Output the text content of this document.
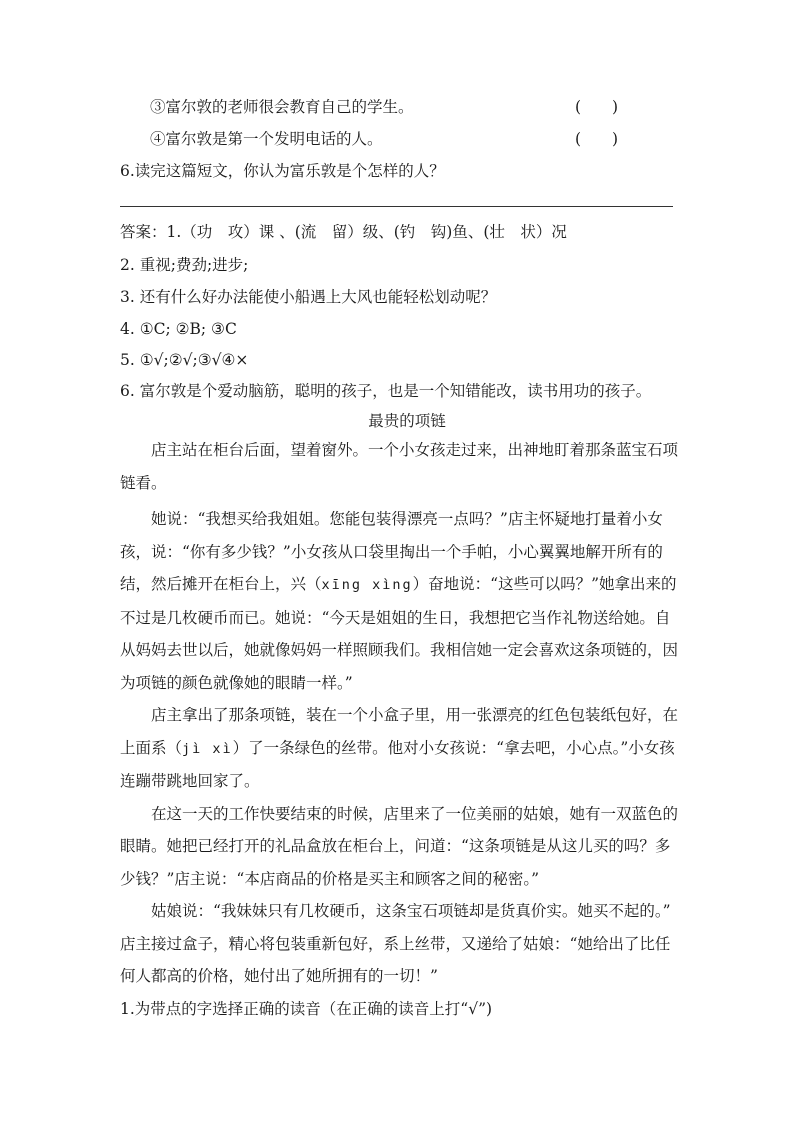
③富尔敦的老师很会教育自己的学生。	(　　)
④富尔敦是第一个发明电话的人。	(　　)
6.读完这篇短文，你认为富乐敦是个怎样的人？
答案：1.（功　攻）课 、(流　留）级、(钓　钩)鱼、(壮　状）况
2. 重视;费劲;进步;
3. 还有什么好办法能使小船遇上大风也能轻松划动呢？
4. ①C; ②B; ③C
5. ①√;②√;③√④×
6. 富尔敦是个爱动脑筋，聪明的孩子，也是一个知错能改，读书用功的孩子。
最贵的项链

店主站在柜台后面，望着窗外。一个小女孩走过来，出神地盯着那条蓝宝石项链看。

她说：“我想买给我姐姐。您能包装得漂亮一点吗？”店主怀疑地打量着小女孩，说：“你有多少钱？”小女孩从口袋里掏出一个手帕，小心翼翼地解开所有的结，然后摊开在柜台上，兴（xīng xìng）奋地说：“这些可以吗？”她拿出来的不过是几枚硬币而已。她说：“今天是姐姐的生日，我想把它当作礼物送给她。自从妈妈去世以后，她就像妈妈一样照顾我们。我相信她一定会喜欢这条项链的，因为项链的颜色就像她的眼睛一样。”

店主拿出了那条项链，装在一个小盒子里，用一张漂亮的红色包装纸包好，在上面系（jì xì）了一条绿色的丝带。他对小女孩说：“拿去吧，小心点。”小女孩连蹦带跳地回家了。

在这一天的工作快要结束的时候，店里来了一位美丽的姑娘，她有一双蓝色的眼睛。她把已经打开的礼品盒放在柜台上，问道：“这条项链是从这儿买的吗？多少钱？”店主说：“本店商品的价格是买主和顾客之间的秘密。”

姑娘说：“我妹妹只有几枚硬币，这条宝石项链却是货真价实。她买不起的。”

店主接过盒子，精心将包装重新包好，系上丝带，又递给了姑娘：“她给出了比任何人都高的价格，她付出了她所拥有的一切！”

1.为带点的字选择正确的读音（在正确的读音上打“√”)
